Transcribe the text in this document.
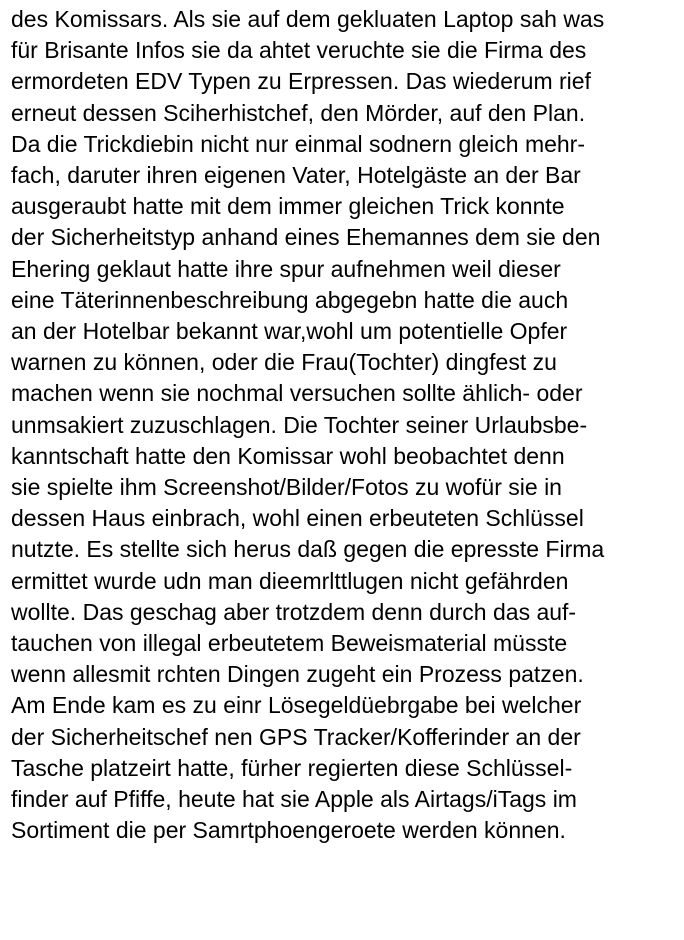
des Komissars. Als sie auf dem gekluaten Laptop sah was
für Brisante Infos sie da ahtet veruchte sie die Firma des
ermordeten EDV Typen zu Erpressen. Das wiederum rief
erneut dessen Sciherhistchef, den Mörder, auf den Plan.
Da die Trickdiebin nicht nur einmal sodnern gleich mehr-
fach, daruter ihren eigenen Vater, Hotelgäste an der Bar
ausgeraubt hatte mit dem immer gleichen Trick konnte
der Sicherheitstyp anhand eines Ehemannes dem sie den
Ehering geklaut hatte ihre spur aufnehmen weil dieser
eine Täterinnenbeschreibung abgegebn hatte die auch
an der Hotelbar bekannt war,wohl um potentielle Opfer
warnen zu können, oder die Frau(Tochter) dingfest zu
machen wenn sie nochmal versuchen sollte ählich- oder
unmsakiert zuzuschlagen. Die Tochter seiner Urlaubsbe-
kanntschaft hatte den Komissar wohl beobachtet denn
sie spielte ihm Screenshot/Bilder/Fotos zu wofür sie in
dessen Haus einbrach, wohl einen erbeuteten Schlüssel
nutzte. Es stellte sich herus daß gegen die epresste Firma
ermittet wurde udn man dieemrlttlugen nicht gefährden
wollte. Das geschag aber trotzdem denn durch das auf-
tauchen von illegal erbeutetem Beweismaterial müsste
wenn allesmit rchten Dingen zugeht ein Prozess patzen.
Am Ende kam es zu einr Lösegeldüebrgabe bei welcher
der Sicherheitschef nen GPS Tracker/Kofferinder an der
Tasche platzeirt hatte, fürher regierten diese Schlüssel-
finder auf Pfiffe, heute hat sie Apple als Airtags/iTags im
Sortiment die per Samrtphoengeroete werden können.
